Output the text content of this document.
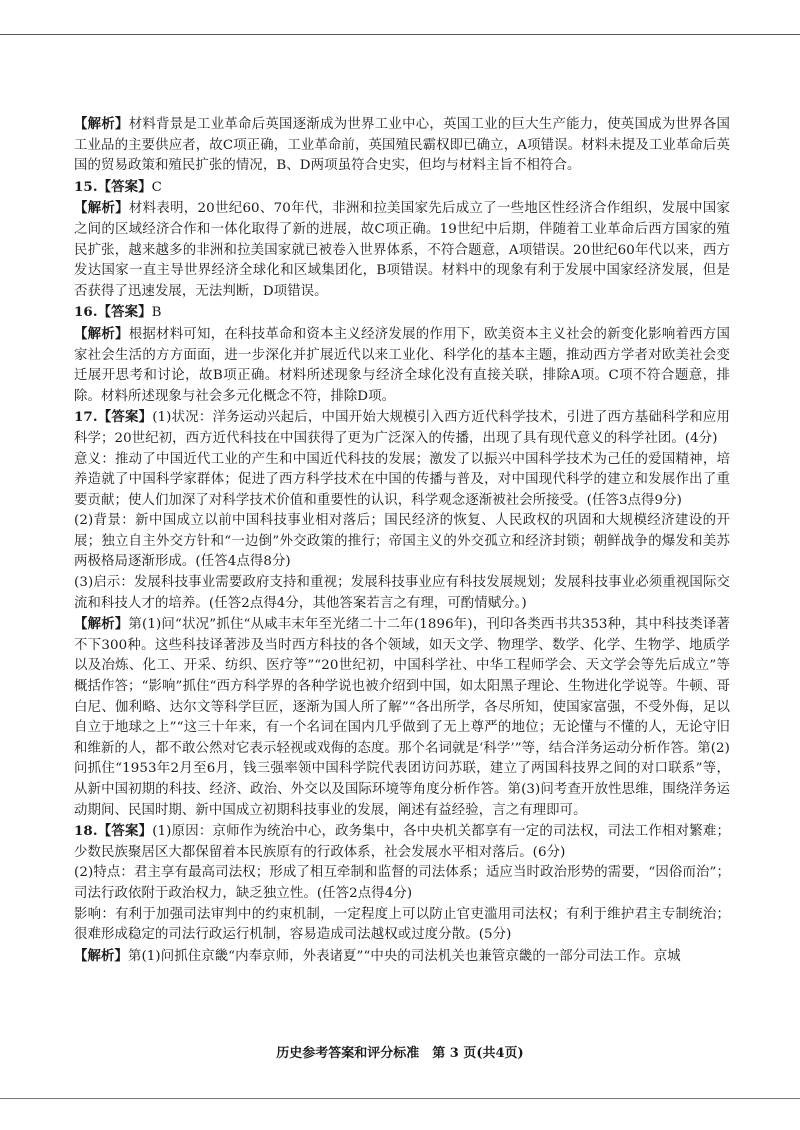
【解析】材料背景是工业革命后英国逐渐成为世界工业中心，英国工业的巨大生产能力，使英国成为世界各国工业品的主要供应者，故C项正确，工业革命前，英国殖民霸权即已确立，A项错误。材料未提及工业革命后英国的贸易政策和殖民扩张的情况，B、D两项虽符合史实，但均与材料主旨不相符合。

15.【答案】C

【解析】材料表明，20世纪60、70年代，非洲和拉美国家先后成立了一些地区性经济合作组织，发展中国家之间的区域经济合作和一体化取得了新的进展，故C项正确。19世纪中后期，伴随着工业革命后西方国家的殖民扩张，越来越多的非洲和拉美国家就已被卷入世界体系，不符合题意，A项错误。20世纪60年代以来，西方发达国家一直主导世界经济全球化和区域集团化，B项错误。材料中的现象有利于发展中国家经济发展，但是否获得了迅速发展，无法判断，D项错误。

16.【答案】B

【解析】根据材料可知，在科技革命和资本主义经济发展的作用下，欧美资本主义社会的新变化影响着西方国家社会生活的方方面面，进一步深化并扩展近代以来工业化、科学化的基本主题，推动西方学者对欧美社会变迁展开思考和讨论，故B项正确。材料所述现象与经济全球化没有直接关联，排除A项。C项不符合题意，排除。材料所述现象与社会多元化概念不符，排除D项。

17.【答案】(1)状况：洋务运动兴起后，中国开始大规模引入西方近代科学技术，引进了西方基础科学和应用科学；20世纪初，西方近代科技在中国获得了更为广泛深入的传播，出现了具有现代意义的科学社团。(4分)

意义：推动了中国近代工业的产生和中国近代科技的发展；激发了以振兴中国科学技术为己任的爱国精神，培养造就了中国科学家群体；促进了西方科学技术在中国的传播与普及，对中国现代科学的建立和发展作出了重要贡献；使人们加深了对科学技术价值和重要性的认识，科学观念逐渐被社会所接受。(任答3点得9分)

(2)背景：新中国成立以前中国科技事业相对落后；国民经济的恢复、人民政权的巩固和大规模经济建设的开展；独立自主外交方针和“一边倒”外交政策的推行；帝国主义的外交孤立和经济封锁；朝鲜战争的爆发和美苏两极格局逐渐形成。(任答4点得8分)

(3)启示：发展科技事业需要政府支持和重视；发展科技事业应有科技发展规划；发展科技事业必须重视国际交流和科技人才的培养。(任答2点得4分，其他答案若言之有理，可酌情赋分。)

【解析】第(1)问“状况”抓住“从咸丰末年至光绪二十二年(1896年)，刊印各类西书共353种，其中科技类译著不下300种。这些科技译著涉及当时西方科技的各个领域，如天文学、物理学、数学、化学、生物学、地质学以及冶炼、化工、开采、纺织、医疗等”“20世纪初，中国科学社、中华工程师学会、天文学会等先后成立”等概括作答；“影响”抓住“西方科学界的各种学说也被介绍到中国，如太阳黑子理论、生物进化学说等。牛顿、哥白尼、伽利略、达尔文等科学巨匠，逐渐为国人所了解”“各出所学，各尽所知，使国家富强，不受外侮，足以自立于地球之上”“这三十年来，有一个名词在国内几乎做到了无上尊严的地位；无论懂与不懂的人，无论守旧和维新的人，都不敢公然对它表示轻视或戏侮的态度。那个名词就是‘科学’”等，结合洋务运动分析作答。第(2)问抓住“1953年2月至6月，钱三强率领中国科学院代表团访问苏联，建立了两国科技界之间的对口联系”等，从新中国初期的科技、经济、政治、外交以及国际环境等角度分析作答。第(3)问考查开放性思维，围绕洋务运动期间、民国时期、新中国成立初期科技事业的发展，阐述有益经验，言之有理即可。

18.【答案】(1)原因：京师作为统治中心，政务集中，各中央机关都享有一定的司法权，司法工作相对繁难；少数民族聚居区大都保留着本民族原有的行政体系，社会发展水平相对落后。(6分)

(2)特点：君主享有最高司法权；形成了相互牵制和监督的司法体系；适应当时政治形势的需要，“因俗而治”；司法行政依附于政治权力，缺乏独立性。(任答2点得4分)

影响：有利于加强司法审判中的约束机制，一定程度上可以防止官吏滥用司法权；有利于维护君主专制统治；很难形成稳定的司法行政运行机制，容易造成司法越权或过度分散。(5分)

【解析】第(1)问抓住京畿“内奉京师，外表诸夏”“中央的司法机关也兼管京畿的一部分司法工作。京城

历史参考答案和评分标准　第 3 页(共4页)
